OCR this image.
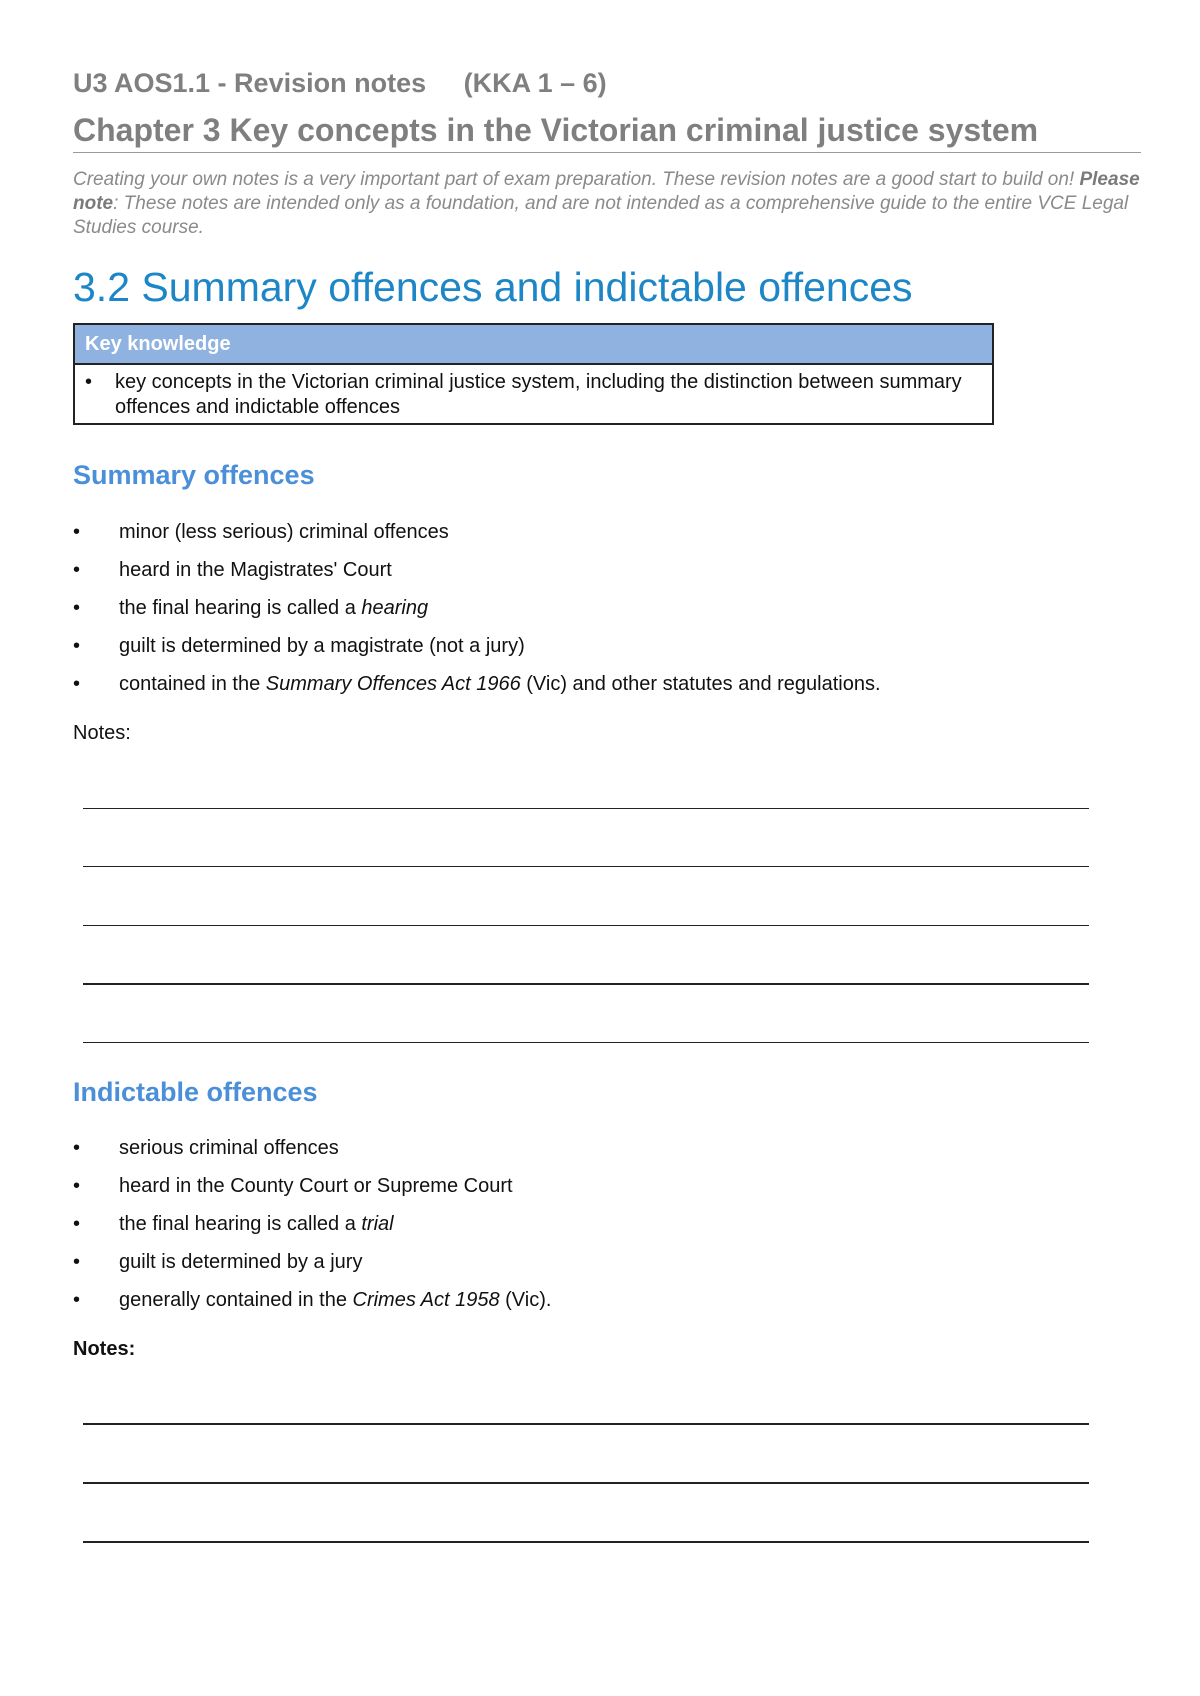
U3 AOS1.1 - Revision notes (KKA 1 – 6)
Chapter 3 Key concepts in the Victorian criminal justice system
Creating your own notes is a very important part of exam preparation. These revision notes are a good start to build on! Please note: These notes are intended only as a foundation, and are not intended as a comprehensive guide to the entire VCE Legal Studies course.
3.2 Summary offences and indictable offences
Key knowledge
•	key concepts in the Victorian criminal justice system, including the distinction between summary offences and indictable offences
Summary offences
• minor (less serious) criminal offences
• heard in the Magistrates' Court
• the final hearing is called a hearing
• guilt is determined by a magistrate (not a jury)
• contained in the Summary Offences Act 1966 (Vic) and other statutes and regulations.
Notes:
Indictable offences
• serious criminal offences
• heard in the County Court or Supreme Court
• the final hearing is called a trial
• guilt is determined by a jury
• generally contained in the Crimes Act 1958 (Vic).
Notes:
